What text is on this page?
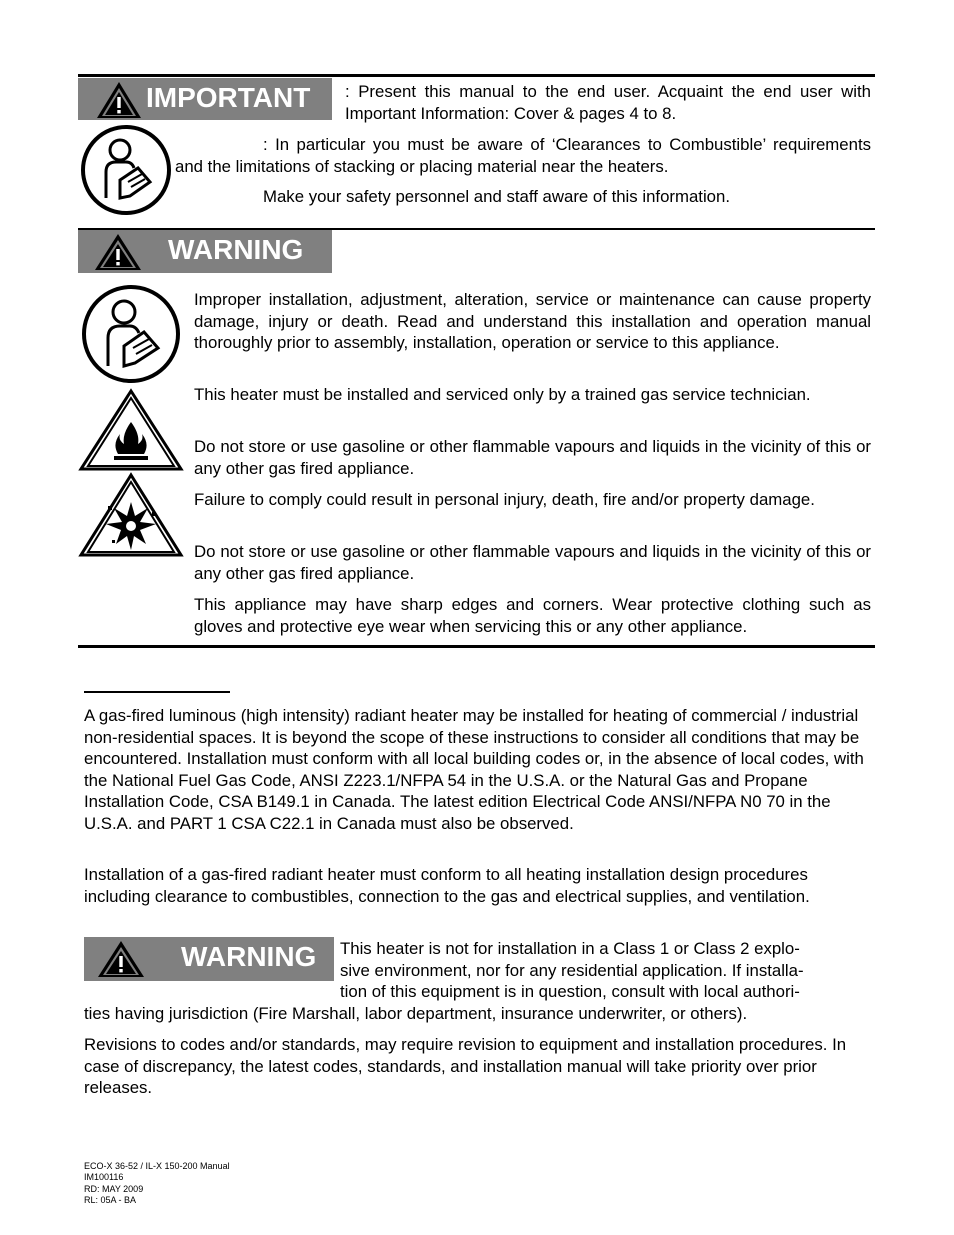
IMPORTANT : Present this manual to the end user. Acquaint the end user with Important Information: Cover & pages 4 to 8.
: In particular you must be aware of ‘Clearances to Combustible’ requirements and the limitations of stacking or placing material near the heaters.
Make your safety personnel and staff aware of this information.
WARNING
Improper installation, adjustment, alteration, service or maintenance can cause property damage, injury or death. Read and understand this installation and operation manual thoroughly prior to assembly, installation, operation or service to this appliance.
This heater must be installed and serviced only by a trained gas service technician.
Do not store or use gasoline or other flammable vapours and liquids in the vicinity of this or any other gas fired appliance.
Failure to comply could result in personal injury, death, fire and/or property damage.
Do not store or use gasoline or other flammable vapours and liquids in the vicinity of this or any other gas fired appliance.
This appliance may have sharp edges and corners. Wear protective clothing such as gloves and protective eye wear when servicing this or any other appliance.
A gas-fired luminous (high intensity) radiant heater may be installed for heating of commercial / industrial non-residential spaces. It is beyond the scope of these instructions to consider all conditions that may be encountered. Installation must conform with all local building codes or, in the absence of local codes, with the National Fuel Gas Code, ANSI Z223.1/NFPA 54 in the U.S.A. or the Natural Gas and Propane Installation Code, CSA B149.1 in Canada. The latest edition Electrical Code ANSI/NFPA N0 70 in the U.S.A. and PART 1 CSA C22.1 in Canada must also be observed.
Installation of a gas-fired radiant heater must conform to all heating installation design procedures including clearance to combustibles, connection to the gas and electrical supplies, and ventilation.
WARNING This heater is not for installation in a Class 1 or Class 2 explo-
sive environment, nor for any residential application. If installa-
tion of this equipment is in question, consult with local authori-
ties having jurisdiction (Fire Marshall, labor department, insurance underwriter, or others).
Revisions to codes and/or standards, may require revision to equipment and installation procedures. In case of discrepancy, the latest codes, standards, and installation manual will take priority over prior releases.
ECO-X 36-52 / IL-X 150-200 Manual
IM100116
RD: MAY 2009
RL: 05A - BA
